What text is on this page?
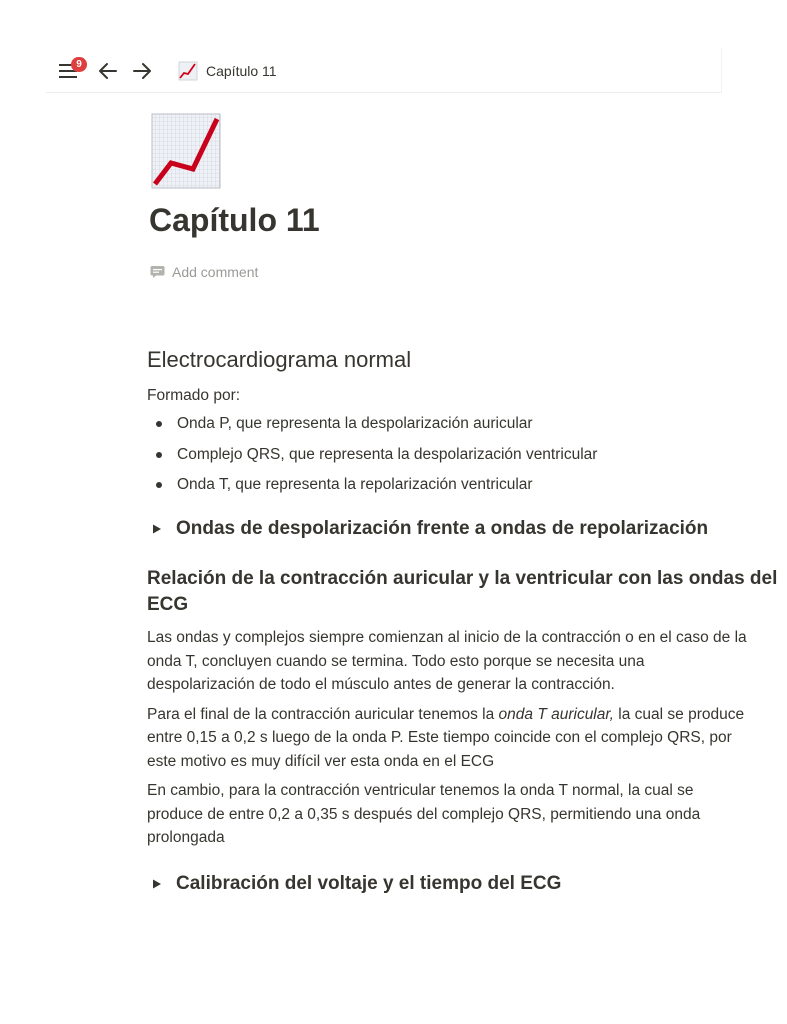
9	Capítulo 11
Capítulo 11
Add comment
Electrocardiograma normal

Formado por:

Onda P, que representa la despolarización auricular
Complejo QRS, que representa la despolarización ventricular
Onda T, que representa la repolarización ventricular
Ondas de despolarización frente a ondas de repolarización
Relación de la contracción auricular y la ventricular con las ondas del ECG

Las ondas y complejos siempre comienzan al inicio de la contracción o en el caso de la onda T, concluyen cuando se termina. Todo esto porque se necesita una despolarización de todo el músculo antes de generar la contracción.

Para el final de la contracción auricular tenemos la onda T auricular, la cual se produce entre 0,15 a 0,2 s luego de la onda P. Este tiempo coincide con el complejo QRS, por este motivo es muy difícil ver esta onda en el ECG

En cambio, para la contracción ventricular tenemos la onda T normal, la cual se produce de entre 0,2 a 0,35 s después del complejo QRS, permitiendo una onda prolongada

Calibración del voltaje y el tiempo del ECG
